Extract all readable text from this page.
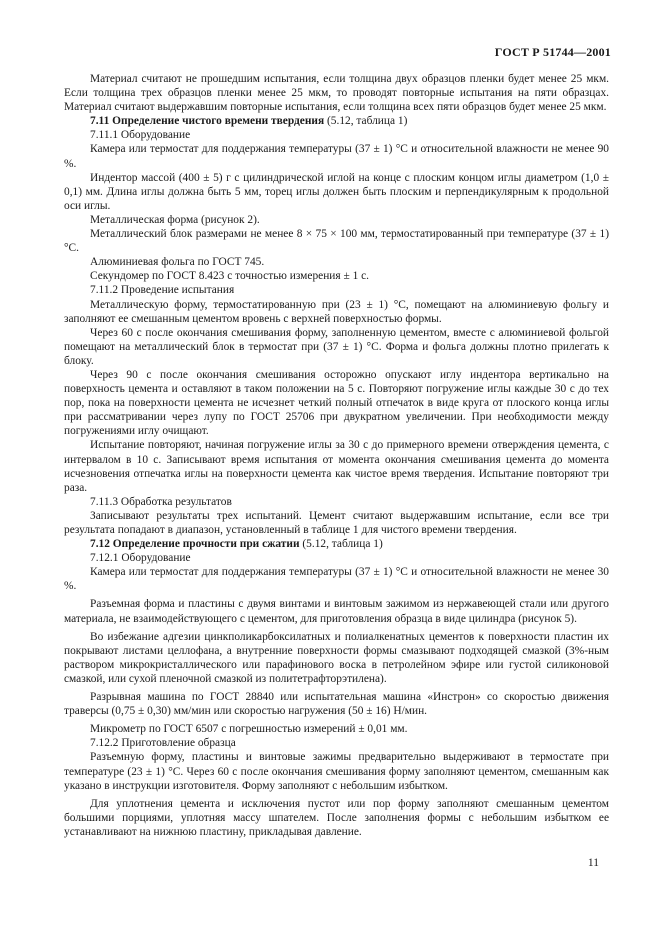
ГОСТ Р 51744—2001

Материал считают не прошедшим испытания, если толщина двух образцов пленки будет менее 25 мкм. Если толщина трех образцов пленки менее 25 мкм, то проводят повторные испытания на пяти образцах. Материал считают выдержавшим повторные испытания, если толщина всех пяти образцов будет менее 25 мкм.

7.11 Определение чистого времени твердения (5.12, таблица 1)

7.11.1 Оборудование

Камера или термостат для поддержания температуры (37 ± 1) °С и относительной влажности не менее 90 %.

Индентор массой (400 ± 5) г с цилиндрической иглой на конце с плоским концом иглы диаметром (1,0 ± 0,1) мм. Длина иглы должна быть 5 мм, торец иглы должен быть плоским и перпендикулярным к продольной оси иглы.

Металлическая форма (рисунок 2).

Металлический блок размерами не менее 8 × 75 × 100 мм, термостатированный при температуре (37 ± 1) °С.

Алюминиевая фольга по ГОСТ 745.

Секундомер по ГОСТ 8.423 с точностью измерения ± 1 с.

7.11.2 Проведение испытания

Металлическую форму, термостатированную при (23 ± 1) °С, помещают на алюминиевую фольгу и заполняют ее смешанным цементом вровень с верхней поверхностью формы.

Через 60 с после окончания смешивания форму, заполненную цементом, вместе с алюминиевой фольгой помещают на металлический блок в термостат при (37 ± 1) °С. Форма и фольга должны плотно прилегать к блоку.

Через 90 с после окончания смешивания осторожно опускают иглу индентора вертикально на поверхность цемента и оставляют в таком положении на 5 с. Повторяют погружение иглы каждые 30 с до тех пор, пока на поверхности цемента не исчезнет четкий полный отпечаток в виде круга от плоского конца иглы при рассматривании через лупу по ГОСТ 25706 при двукратном увеличении. При необходимости между погружениями иглу очищают.

Испытание повторяют, начиная погружение иглы за 30 с до примерного времени отверждения цемента, с интервалом в 10 с. Записывают время испытания от момента окончания смешивания цемента до момента исчезновения отпечатка иглы на поверхности цемента как чистое время твердения. Испытание повторяют три раза.

7.11.3 Обработка результатов

Записывают результаты трех испытаний. Цемент считают выдержавшим испытание, если все три результата попадают в диапазон, установленный в таблице 1 для чистого времени твердения.

7.12 Определение прочности при сжатии (5.12, таблица 1)

7.12.1 Оборудование

Камера или термостат для поддержания температуры (37 ± 1) °С и относительной влажности не менее 30 %.

Разъемная форма и пластины с двумя винтами и винтовым зажимом из нержавеющей стали или другого материала, не взаимодействующего с цементом, для приготовления образца в виде цилиндра (рисунок 5).

Во избежание адгезии цинкполикарбоксилатных и полиалкенатных цементов к поверхности пластин их покрывают листами целлофана, а внутренние поверхности формы смазывают подходящей смазкой (3%-ным раствором микрокристаллического или парафинового воска в петролейном эфире или густой силиконовой смазкой, или сухой пленочной смазкой из политетрафторэтилена).

Разрывная машина по ГОСТ 28840 или испытательная машина «Инстрон» со скоростью движения траверсы (0,75 ± 0,30) мм/мин или скоростью нагружения (50 ± 16) Н/мин.

Микрометр по ГОСТ 6507 с погрешностью измерений ± 0,01 мм.

7.12.2 Приготовление образца

Разъемную форму, пластины и винтовые зажимы предварительно выдерживают в термостате при температуре (23 ± 1) °С. Через 60 с после окончания смешивания форму заполняют цементом, смешанным как указано в инструкции изготовителя. Форму заполняют с небольшим избытком.

Для уплотнения цемента и исключения пустот или пор форму заполняют смешанным цементом большими порциями, уплотняя массу шпателем. После заполнения формы с небольшим избытком ее устанавливают на нижнюю пластину, прикладывая давление.

11
